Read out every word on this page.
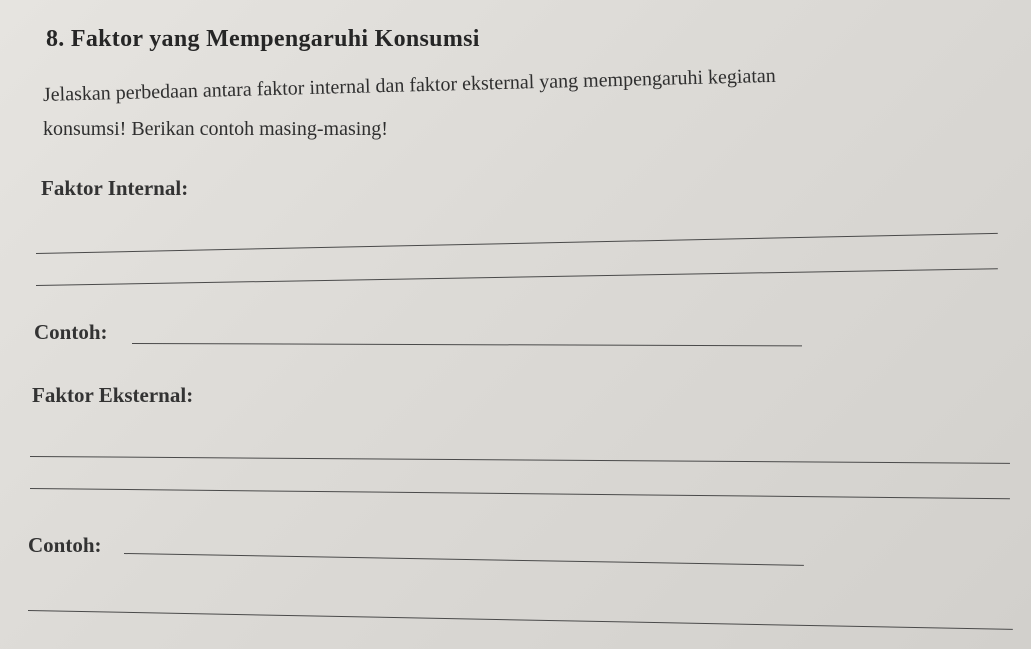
8. Faktor yang Mempengaruhi Konsumsi
Jelaskan perbedaan antara faktor internal dan faktor eksternal yang mempengaruhi kegiatan
konsumsi! Berikan contoh masing-masing!
Faktor Internal:
Contoh:
Faktor Eksternal:
Contoh:
